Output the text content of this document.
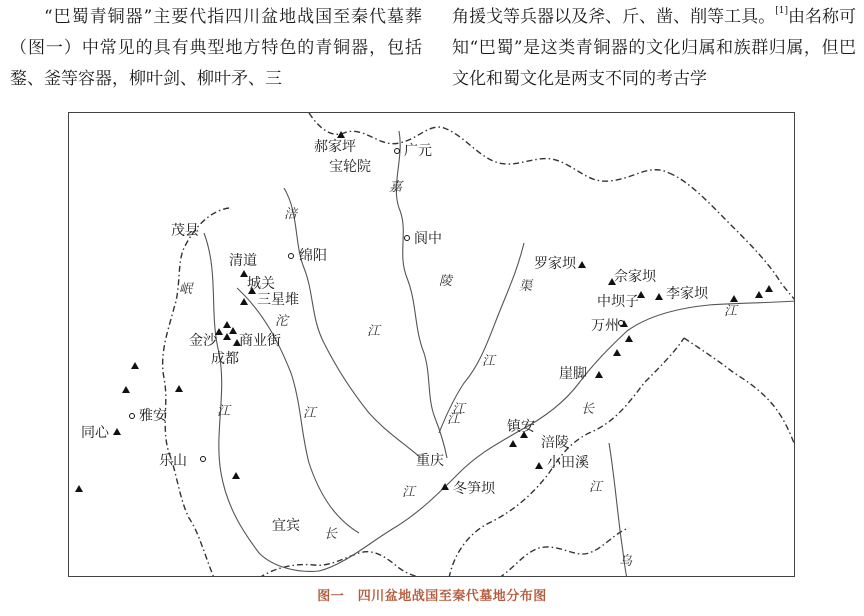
“巴蜀青铜器”主要代指四川盆地战国至秦代墓葬（图一）中常见的具有典型地方特色的青铜器，包括鍪、釜等容器，柳叶剑、柳叶矛、三

角援戈等兵器以及斧、斤、凿、削等工具。[1]由名称可知“巴蜀”是这类青铜器的文化归属和族群归属，但巴文化和蜀文化是两支不同的考古学

郝家坪
宝轮院
广元
阆中
绵阳
茂县
清道
城关
三星堆
金沙 商业街
成都
雅安
同心
乐山
宜宾
罗家坝
佘家坝
李家坝
中坝子
万州
崖脚
镇安
涪陵
小田溪
重庆
冬笋坝
嘉
陵
江
涪
江
渠
江
岷
江
沱
江
长
江
乌
长
江
江
江
图一　四川盆地战国至秦代墓地分布图
